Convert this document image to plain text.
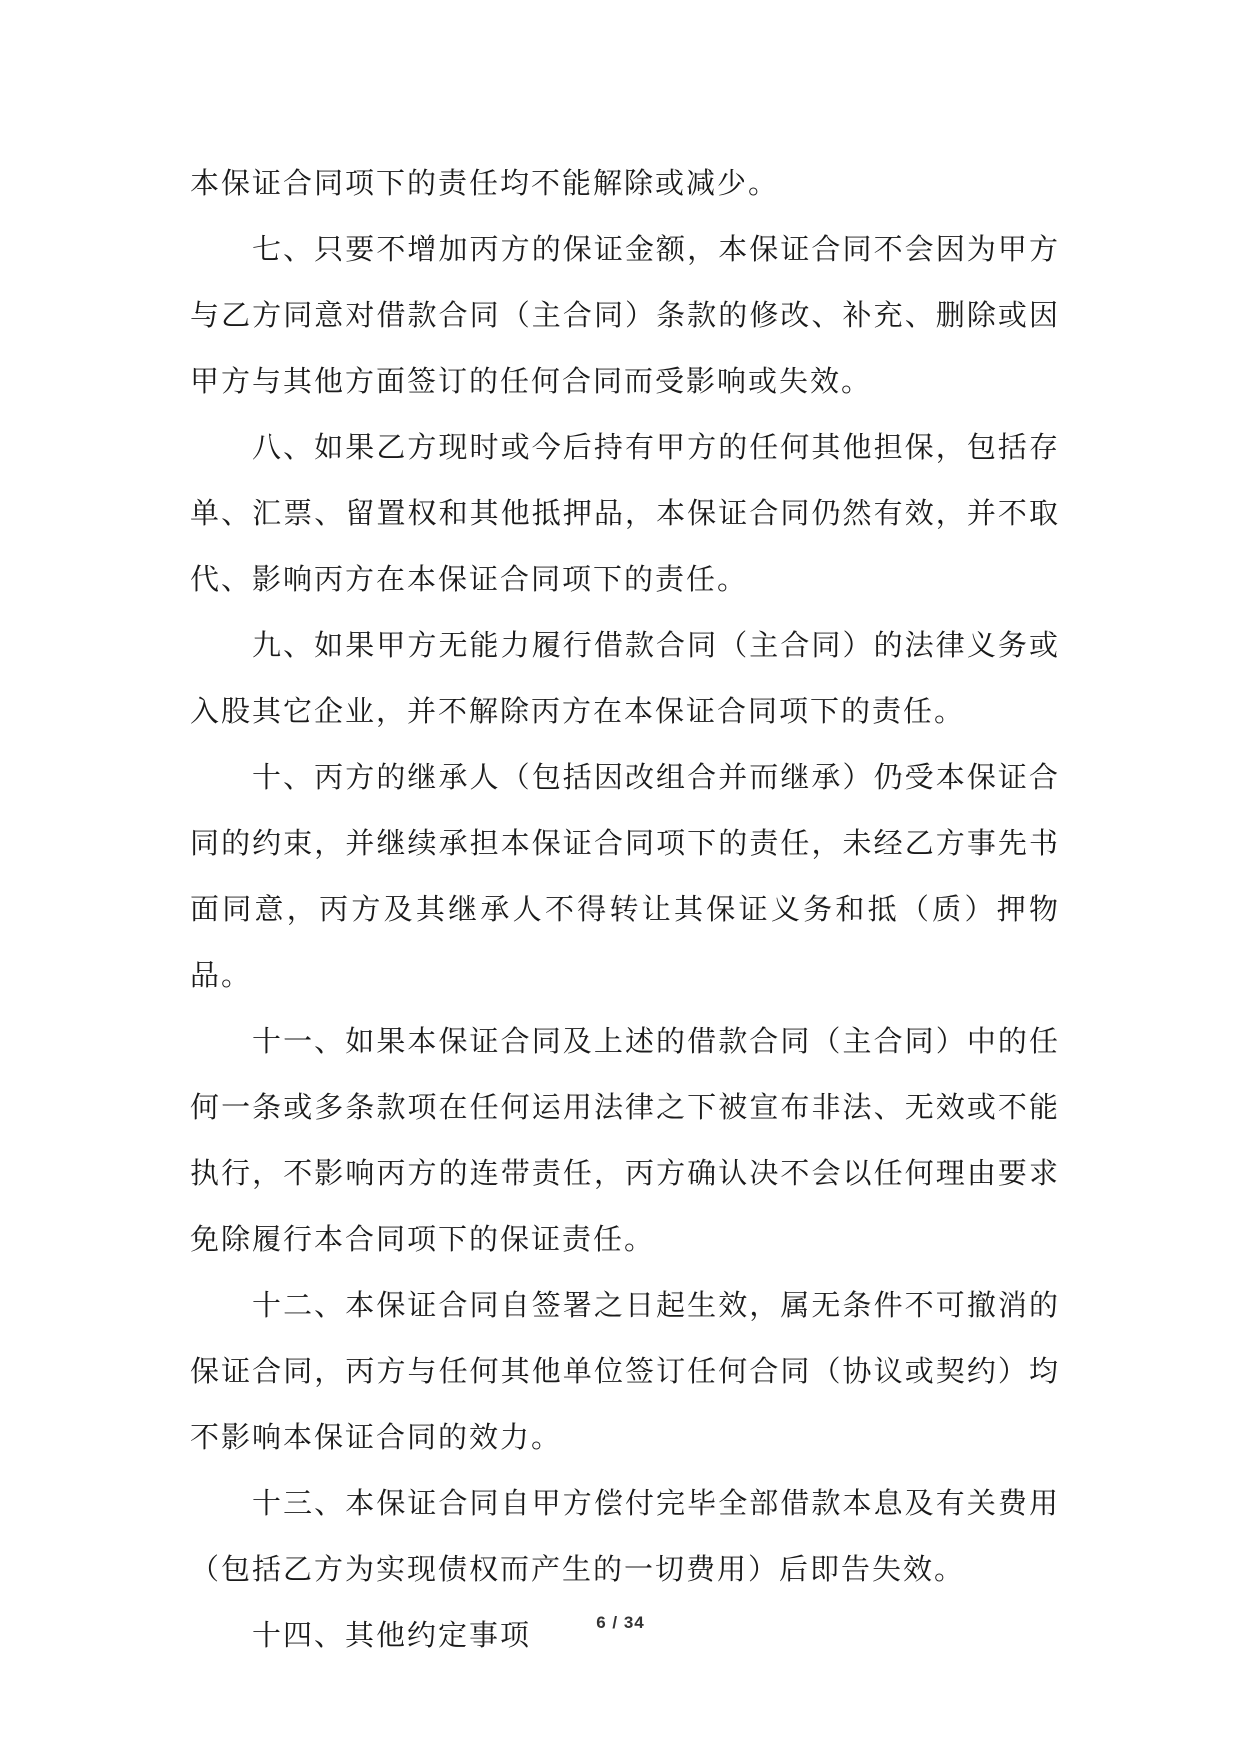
本保证合同项下的责任均不能解除或减少。

七、只要不增加丙方的保证金额，本保证合同不会因为甲方与乙方同意对借款合同（主合同）条款的修改、补充、删除或因甲方与其他方面签订的任何合同而受影响或失效。

八、如果乙方现时或今后持有甲方的任何其他担保，包括存单、汇票、留置权和其他抵押品，本保证合同仍然有效，并不取代、影响丙方在本保证合同项下的责任。

九、如果甲方无能力履行借款合同（主合同）的法律义务或入股其它企业，并不解除丙方在本保证合同项下的责任。

十、丙方的继承人（包括因改组合并而继承）仍受本保证合同的约束，并继续承担本保证合同项下的责任，未经乙方事先书面同意，丙方及其继承人不得转让其保证义务和抵（质）押物品。

十一、如果本保证合同及上述的借款合同（主合同）中的任何一条或多条款项在任何运用法律之下被宣布非法、无效或不能执行，不影响丙方的连带责任，丙方确认决不会以任何理由要求免除履行本合同项下的保证责任。

十二、本保证合同自签署之日起生效，属无条件不可撤消的保证合同，丙方与任何其他单位签订任何合同（协议或契约）均不影响本保证合同的效力。

十三、本保证合同自甲方偿付完毕全部借款本息及有关费用（包括乙方为实现债权而产生的一切费用）后即告失效。

十四、其他约定事项	6 / 34
